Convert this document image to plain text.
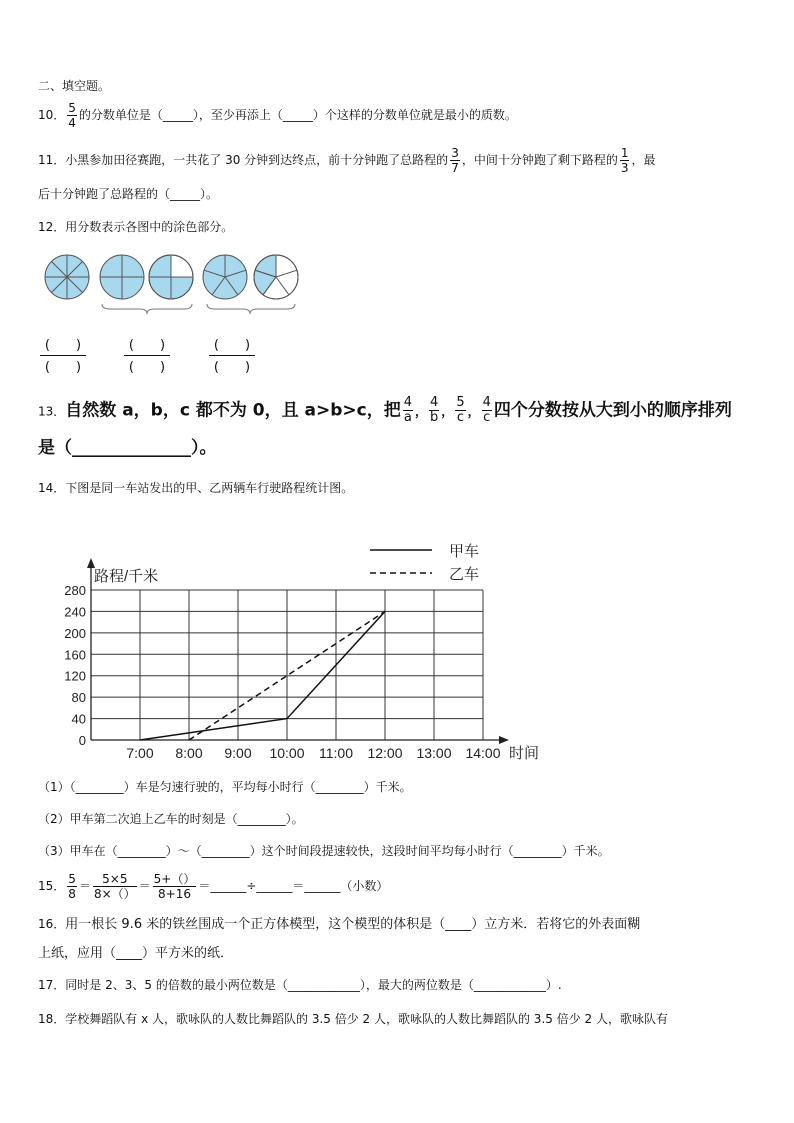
二、填空题。
10． $\frac{5}{4}$ 的分数单位是（_____），至少再添上（_____）个这样的分数单位就是最小的质数。
11．小黑参加田径赛跑，一共花了 30 分钟到达终点，前十分钟跑了总路程的 $\frac{3}{7}$ ，中间十分钟跑了剩下路程的 $\frac{1}{3}$ ，最
后十分钟跑了总路程的（_____）。
12．用分数表示各图中的涂色部分。
(　　)
(　　)
(　　)
(　　)
(　　)
(　　)
13．自然数 a，b，c 都不为 0，且 a>b>c，把 $\frac{4}{a}$ ， $\frac{4}{b}$ ， $\frac{5}{c}$ ， $\frac{4}{c}$ 四个分数按从大到小的顺序排列
是（______________）。
14．下图是同一车站发出的甲、乙两辆车行驶路程统计图。
0
40
80
120
160
200
240
280
7:00 8:00 9:00 10:00 11:00 12:00 13:00 14:00
甲车
乙车
路程/千米
时间
（1）（________）车是匀速行驶的，平均每小时行（________）千米。
（2）甲车第二次追上乙车的时刻是（________）。
（3）甲车在（________）～（________）这个时间段提速较快，这段时间平均每小时行（________）千米。
15． $\frac{5}{8} = \frac{5\times 5}{8\times()} = \frac{5+()}{8+16}$ ＝______÷______＝______（小数）
16．用一根长 9.6 米的铁丝围成一个正方体模型，这个模型的体积是（____）立方米．若将它的外表面糊
上纸，应用（____）平方米的纸．
17．同时是 2、3、5 的倍数的最小两位数是（____________），最大的两位数是（____________）.
18．学校舞蹈队有 x 人，歌咏队的人数比舞蹈队的 3.5 倍少 2 人，歌咏队的人数比舞蹈队的 3.5 倍少 2 人，歌咏队有
